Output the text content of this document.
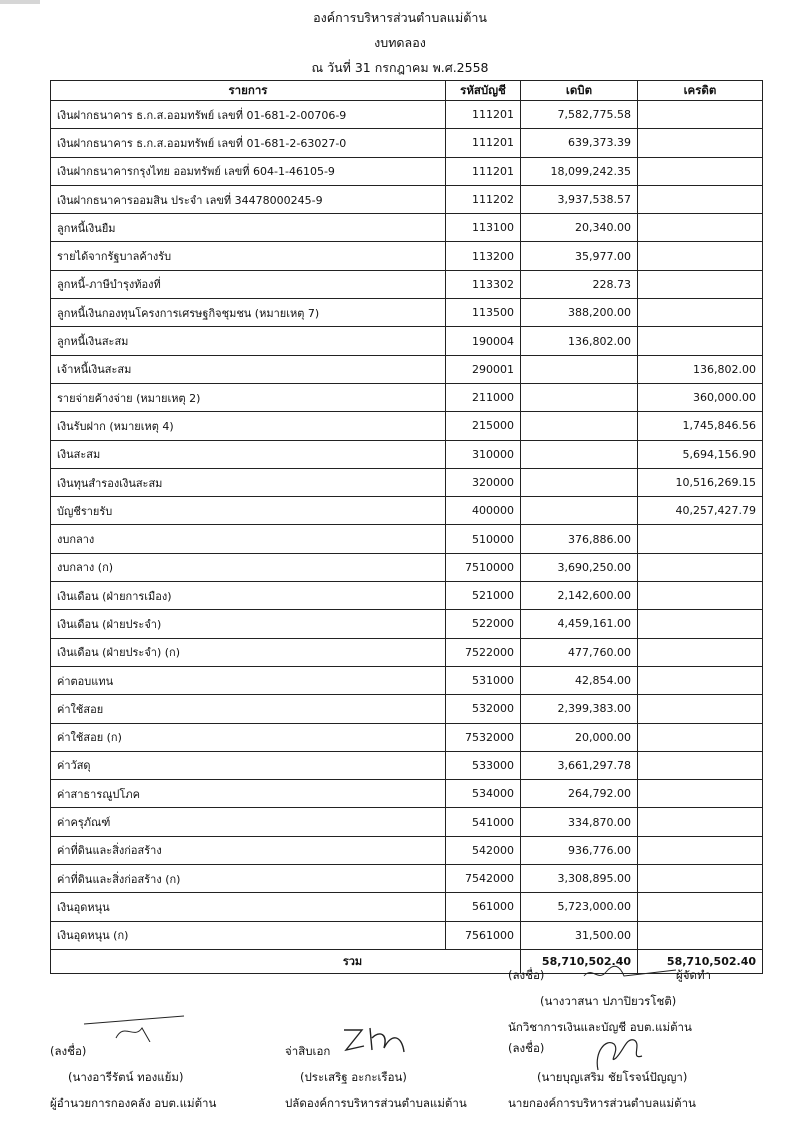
องค์การบริหารส่วนตำบลแม่ต้าน
งบทดลอง
ณ วันที่ 31 กรกฎาคม พ.ศ.2558
รายการ	รหัสบัญชี	เดบิต	เครดิต
เงินฝากธนาคาร ธ.ก.ส.ออมทรัพย์ เลขที่ 01-681-2-00706-9	111201	7,582,775.58	
เงินฝากธนาคาร ธ.ก.ส.ออมทรัพย์ เลขที่ 01-681-2-63027-0	111201	639,373.39	
เงินฝากธนาคารกรุงไทย ออมทรัพย์ เลขที่ 604-1-46105-9	111201	18,099,242.35	
เงินฝากธนาคารออมสิน ประจำ เลขที่ 34478000245-9	111202	3,937,538.57	
ลูกหนี้เงินยืม	113100	20,340.00	
รายได้จากรัฐบาลค้างรับ	113200	35,977.00	
ลูกหนี้-ภาษีบำรุงท้องที่	113302	228.73	
ลูกหนี้เงินกองทุนโครงการเศรษฐกิจชุมชน (หมายเหตุ 7)	113500	388,200.00	
ลูกหนี้เงินสะสม	190004	136,802.00	
เจ้าหนี้เงินสะสม	290001		136,802.00
รายจ่ายค้างจ่าย (หมายเหตุ 2)	211000		360,000.00
เงินรับฝาก (หมายเหตุ 4)	215000		1,745,846.56
เงินสะสม	310000		5,694,156.90
เงินทุนสำรองเงินสะสม	320000		10,516,269.15
บัญชีรายรับ	400000		40,257,427.79
งบกลาง	510000	376,886.00	
งบกลาง (ก)	7510000	3,690,250.00	
เงินเดือน (ฝ่ายการเมือง)	521000	2,142,600.00	
เงินเดือน (ฝ่ายประจำ)	522000	4,459,161.00	
เงินเดือน (ฝ่ายประจำ) (ก)	7522000	477,760.00	
ค่าตอบแทน	531000	42,854.00	
ค่าใช้สอย	532000	2,399,383.00	
ค่าใช้สอย (ก)	7532000	20,000.00	
ค่าวัสดุ	533000	3,661,297.78	
ค่าสาธารณูปโภค	534000	264,792.00	
ค่าครุภัณฑ์	541000	334,870.00	
ค่าที่ดินและสิ่งก่อสร้าง	542000	936,776.00	
ค่าที่ดินและสิ่งก่อสร้าง (ก)	7542000	3,308,895.00	
เงินอุดหนุน	561000	5,723,000.00	
เงินอุดหนุน (ก)	7561000	31,500.00	
รวม		58,710,502.40	58,710,502.40
(ลงชื่อ)	ผู้จัดทำ
(นางวาสนา ปภาปิยวรโชติ)
นักวิชาการเงินและบัญชี อบต.แม่ต้าน
(ลงชื่อ)
(นางอารีรัตน์ ทองแย้ม)
ผู้อำนวยการกองคลัง อบต.แม่ต้าน
จ่าสิบเอก
(ประเสริฐ อะกะเรือน)
ปลัดองค์การบริหารส่วนตำบลแม่ต้าน
(ลงชื่อ)
(นายบุญเสริม ชัยโรจน์ปัญญา)
นายกองค์การบริหารส่วนตำบลแม่ต้าน
